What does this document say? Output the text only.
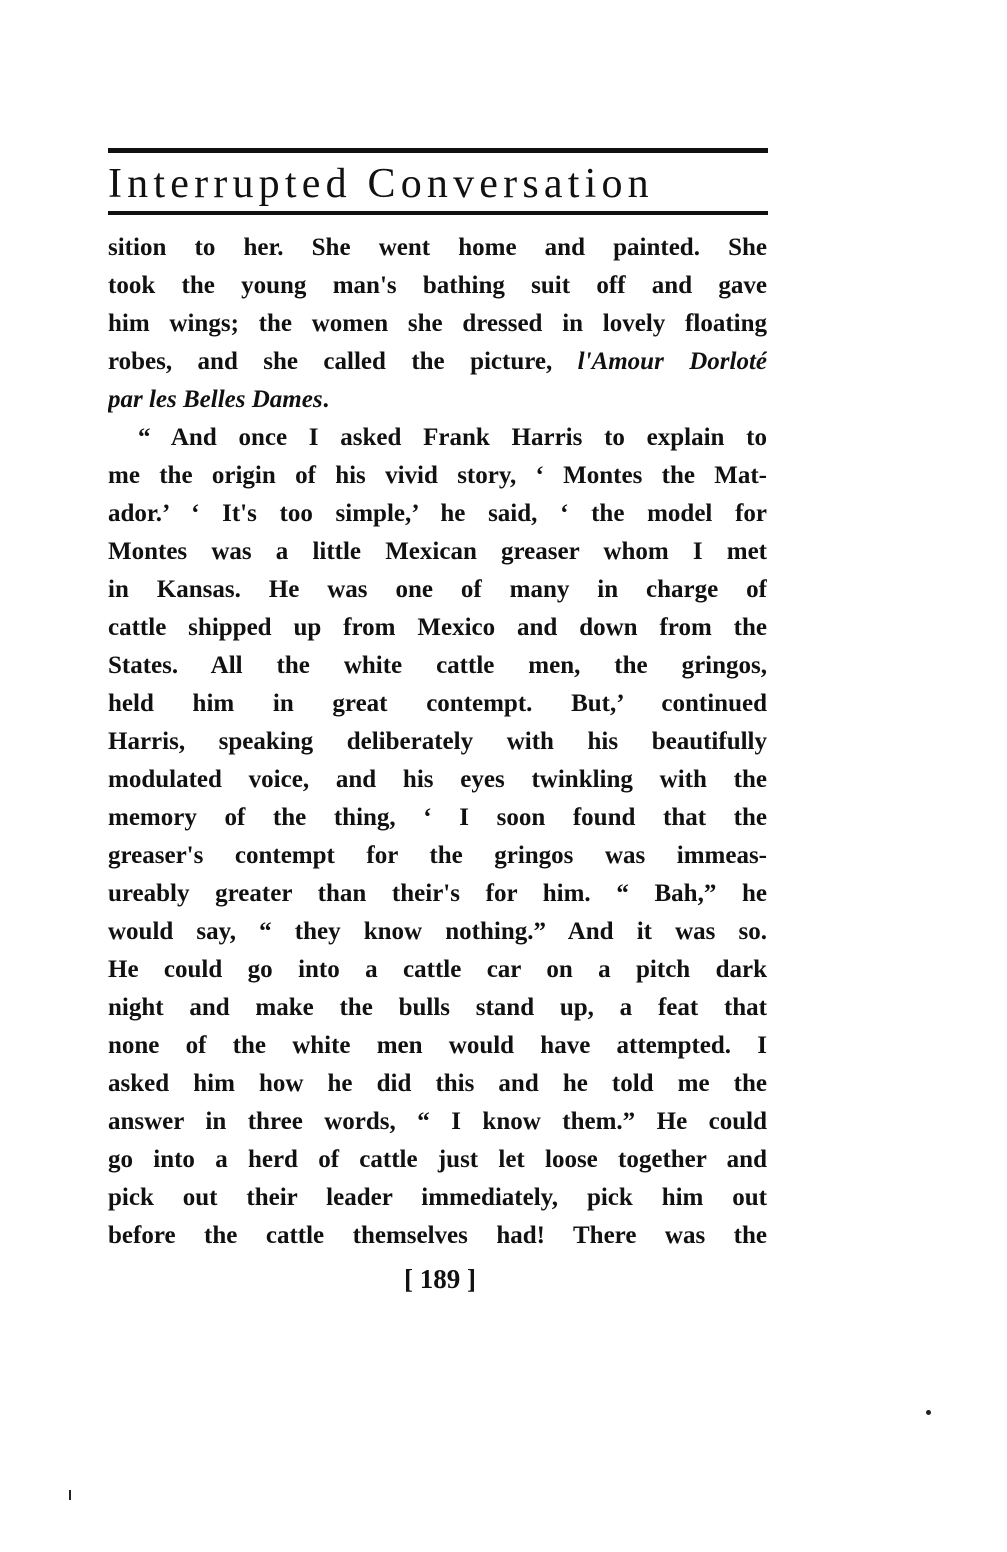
Interrupted Conversation
sition to her. She went home and painted. She
took the young man's bathing suit off and gave
him wings; the women she dressed in lovely floating
robes, and she called the picture, l'Amour Dorloté
par les Belles Dames.
“ And once I asked Frank Harris to explain to
me the origin of his vivid story, ‘ Montes the Mat-
ador.’ ‘ It's too simple,’ he said, ‘ the model for
Montes was a little Mexican greaser whom I met
in Kansas. He was one of many in charge of
cattle shipped up from Mexico and down from the
States. All the white cattle men, the gringos,
held him in great contempt. But,’ continued
Harris, speaking deliberately with his beautifully
modulated voice, and his eyes twinkling with the
memory of the thing, ‘ I soon found that the
greaser's contempt for the gringos was immeas-
ureably greater than their's for him. “ Bah,” he
would say, “ they know nothing.” And it was so.
He could go into a cattle car on a pitch dark
night and make the bulls stand up, a feat that
none of the white men would have attempted. I
asked him how he did this and he told me the
answer in three words, “ I know them.” He could
go into a herd of cattle just let loose together and
pick out their leader immediately, pick him out
before the cattle themselves had! There was the
[ 189 ]
